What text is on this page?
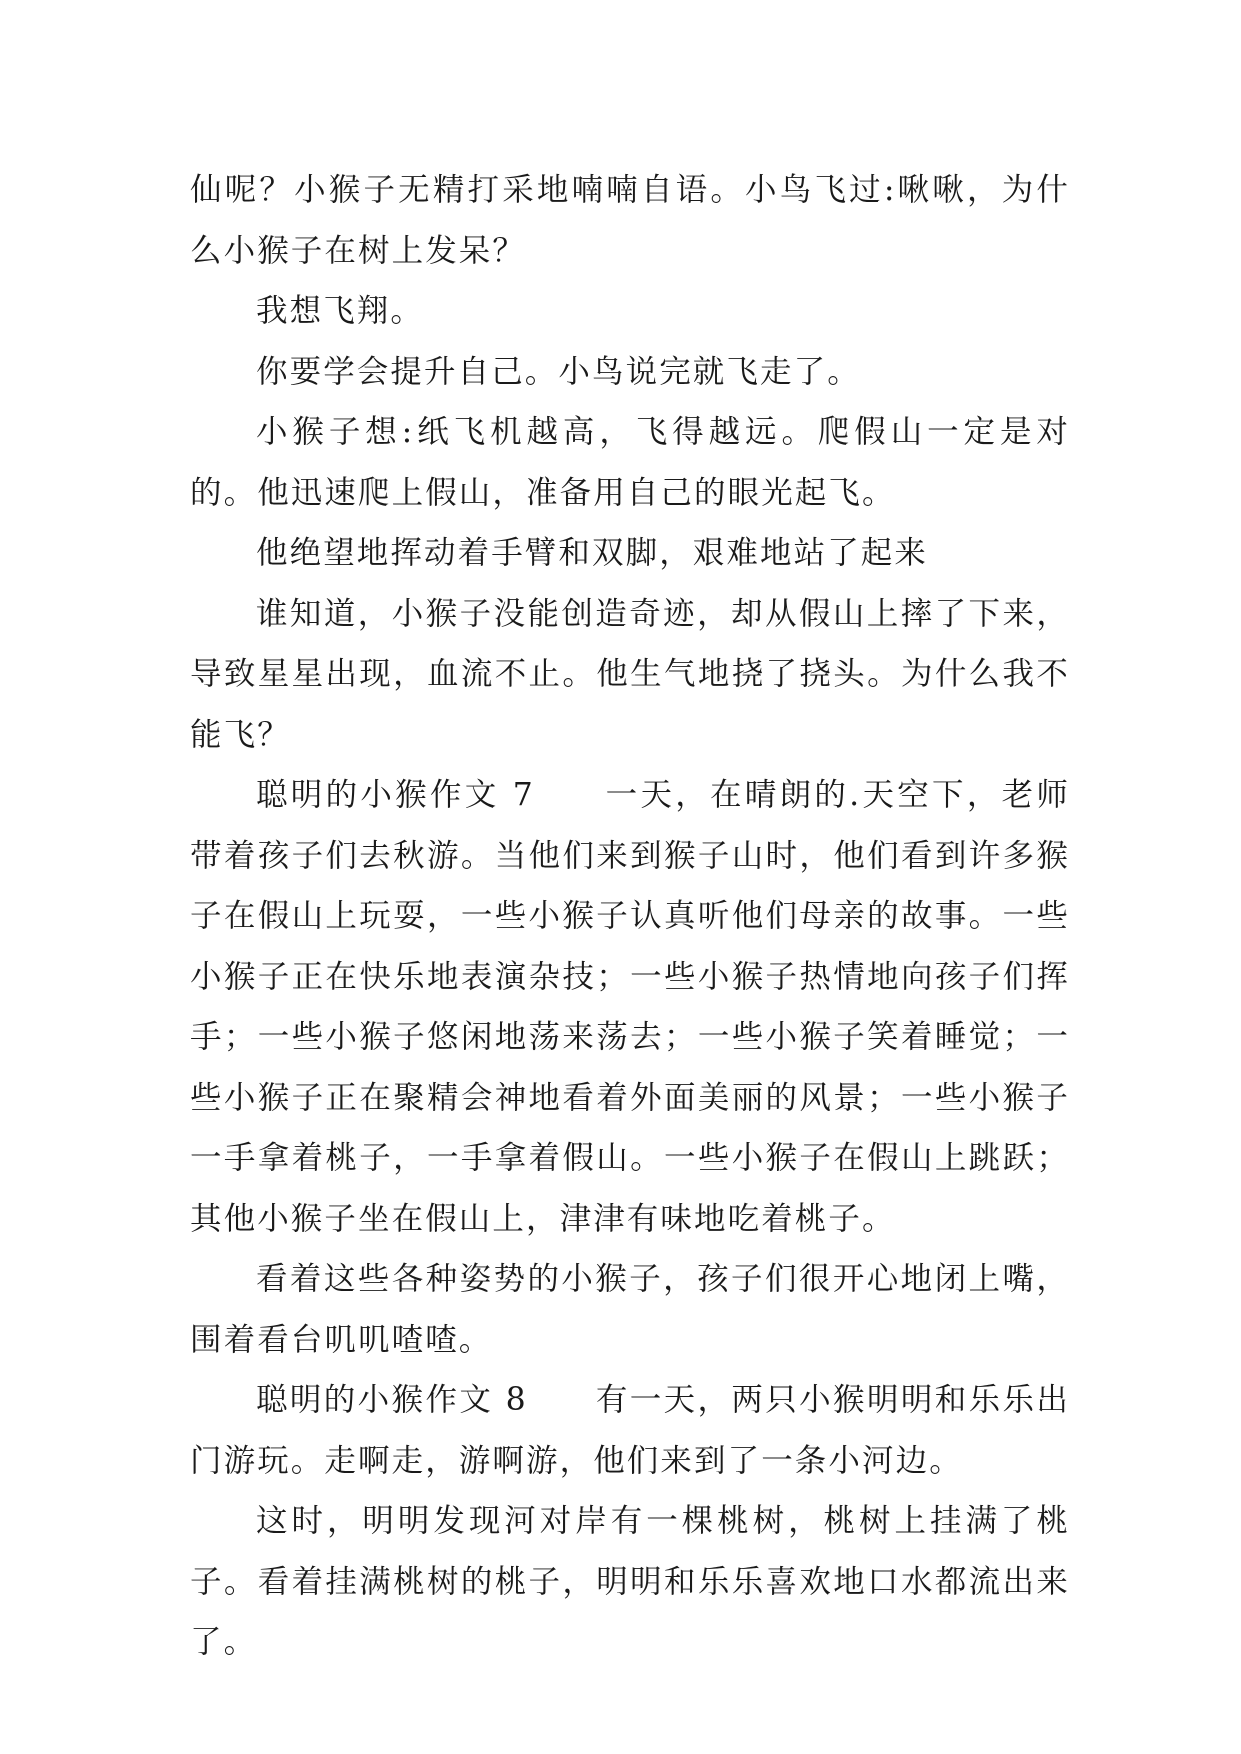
仙呢？小猴子无精打采地喃喃自语。小鸟飞过:啾啾，为什么小猴子在树上发呆？

我想飞翔。

你要学会提升自己。小鸟说完就飞走了。

小猴子想:纸飞机越高，飞得越远。爬假山一定是对的。他迅速爬上假山，准备用自己的眼光起飞。

他绝望地挥动着手臂和双脚，艰难地站了起来

谁知道，小猴子没能创造奇迹，却从假山上摔了下来，导致星星出现，血流不止。他生气地挠了挠头。为什么我不能飞？

聪明的小猴作文 7　　一天，在晴朗的.天空下，老师带着孩子们去秋游。当他们来到猴子山时，他们看到许多猴子在假山上玩耍，一些小猴子认真听他们母亲的故事。一些小猴子正在快乐地表演杂技；一些小猴子热情地向孩子们挥手；一些小猴子悠闲地荡来荡去；一些小猴子笑着睡觉；一些小猴子正在聚精会神地看着外面美丽的风景；一些小猴子一手拿着桃子，一手拿着假山。一些小猴子在假山上跳跃；其他小猴子坐在假山上，津津有味地吃着桃子。

看着这些各种姿势的小猴子，孩子们很开心地闭上嘴，围着看台叽叽喳喳。

聪明的小猴作文 8　　有一天，两只小猴明明和乐乐出门游玩。走啊走，游啊游，他们来到了一条小河边。

这时，明明发现河对岸有一棵桃树，桃树上挂满了桃子。看着挂满桃树的桃子，明明和乐乐喜欢地口水都流出来了。
